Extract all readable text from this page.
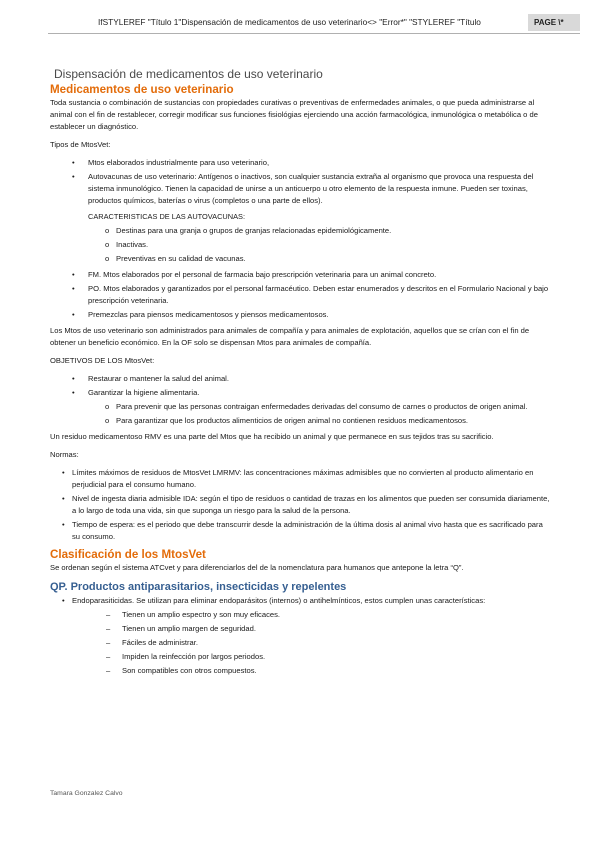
IfSTYLEREF "Título 1"Dispensación de medicamentos de uso veterinario<> "Error*" "STYLEREF "Título	PAGE \*
Dispensación de medicamentos de uso veterinario
Medicamentos de uso veterinario

Toda sustancia o combinación de sustancias con propiedades curativas o preventivas de enfermedades animales, o que pueda administrarse al animal con el fin de restablecer, corregir modificar sus funciones fisiológias ejerciendo una acción farmacológica, inmunológica o metabólica o de establecer un diagnóstico.

Tipos de MtosVet:

• Mtos elaborados industrialmente para uso veterinario,
• Autovacunas de uso veterinario: Antígenos o inactivos, son cualquier sustancia extraña al organismo que provoca una respuesta del sistema inmunológico. Tienen la capacidad de unirse a un anticuerpo u otro elemento de la respuesta inmune. Pueden ser toxinas, productos químicos, baterías o virus (completos o una parte de ellos).
CARACTERISTICAS DE LAS AUTOVACUNAS:
o Destinas para una granja o grupos de granjas relacionadas epidemiológicamente.
o Inactivas.
o Preventivas en su calidad de vacunas.
• FM. Mtos elaborados por el personal de farmacia bajo prescripción veterinaria para un animal concreto.
• PO. Mtos elaborados y garantizados por el personal farmacéutico. Deben estar enumerados y descritos en el Formulario Nacional y bajo prescripción veterinaria.
• Premezclas para piensos medicamentosos y piensos medicamentosos.

Los Mtos de uso veterinario son administrados para animales de compañía y para animales de explotación, aquellos que se crían con el fin de obtener un beneficio económico. En la OF solo se dispensan Mtos para animales de compañía.

OBJETIVOS DE LOS MtosVet:

• Restaurar o mantener la salud del animal.
• Garantizar la higiene alimentaria.
o Para prevenir que las personas contraigan enfermedades derivadas del consumo de carnes o productos de origen animal.
o Para garantizar que los productos alimenticios de origen animal no contienen residuos medicamentosos.

Un residuo medicamentoso RMV es una parte del Mtos que ha recibido un animal y que permanece en sus tejidos tras su sacrificio.

Normas:

• Límites máximos de residuos de MtosVet LMRMV: las concentraciones máximas admisibles que no convierten al producto alimentario en perjudicial para el consumo humano.
• Nivel de ingesta diaria admisible IDA: según el tipo de residuos o cantidad de trazas en los alimentos que pueden ser consumida diariamente, a lo largo de toda una vida, sin que suponga un riesgo para la salud de la persona.
• Tiempo de espera: es el periodo que debe transcurrir desde la administración de la última dosis al animal vivo hasta que es sacrificado para su consumo.
Clasificación de los MtosVet

Se ordenan según el sistema ATCvet y para diferenciarlos del de la nomenclatura para humanos que antepone la letra “Q”.

QP. Productos antiparasitarios, insecticidas y repelentes
• Endoparasiticidas. Se utilizan para eliminar endoparásitos (internos) o antihelmínticos, estos cumplen unas características:
– Tienen un amplio espectro y son muy eficaces.
– Tienen un amplio margen de seguridad.
– Fáciles de administrar.
– Impiden la reinfección por largos periodos.
– Son compatibles con otros compuestos.
Tamara Gonzalez Calvo
